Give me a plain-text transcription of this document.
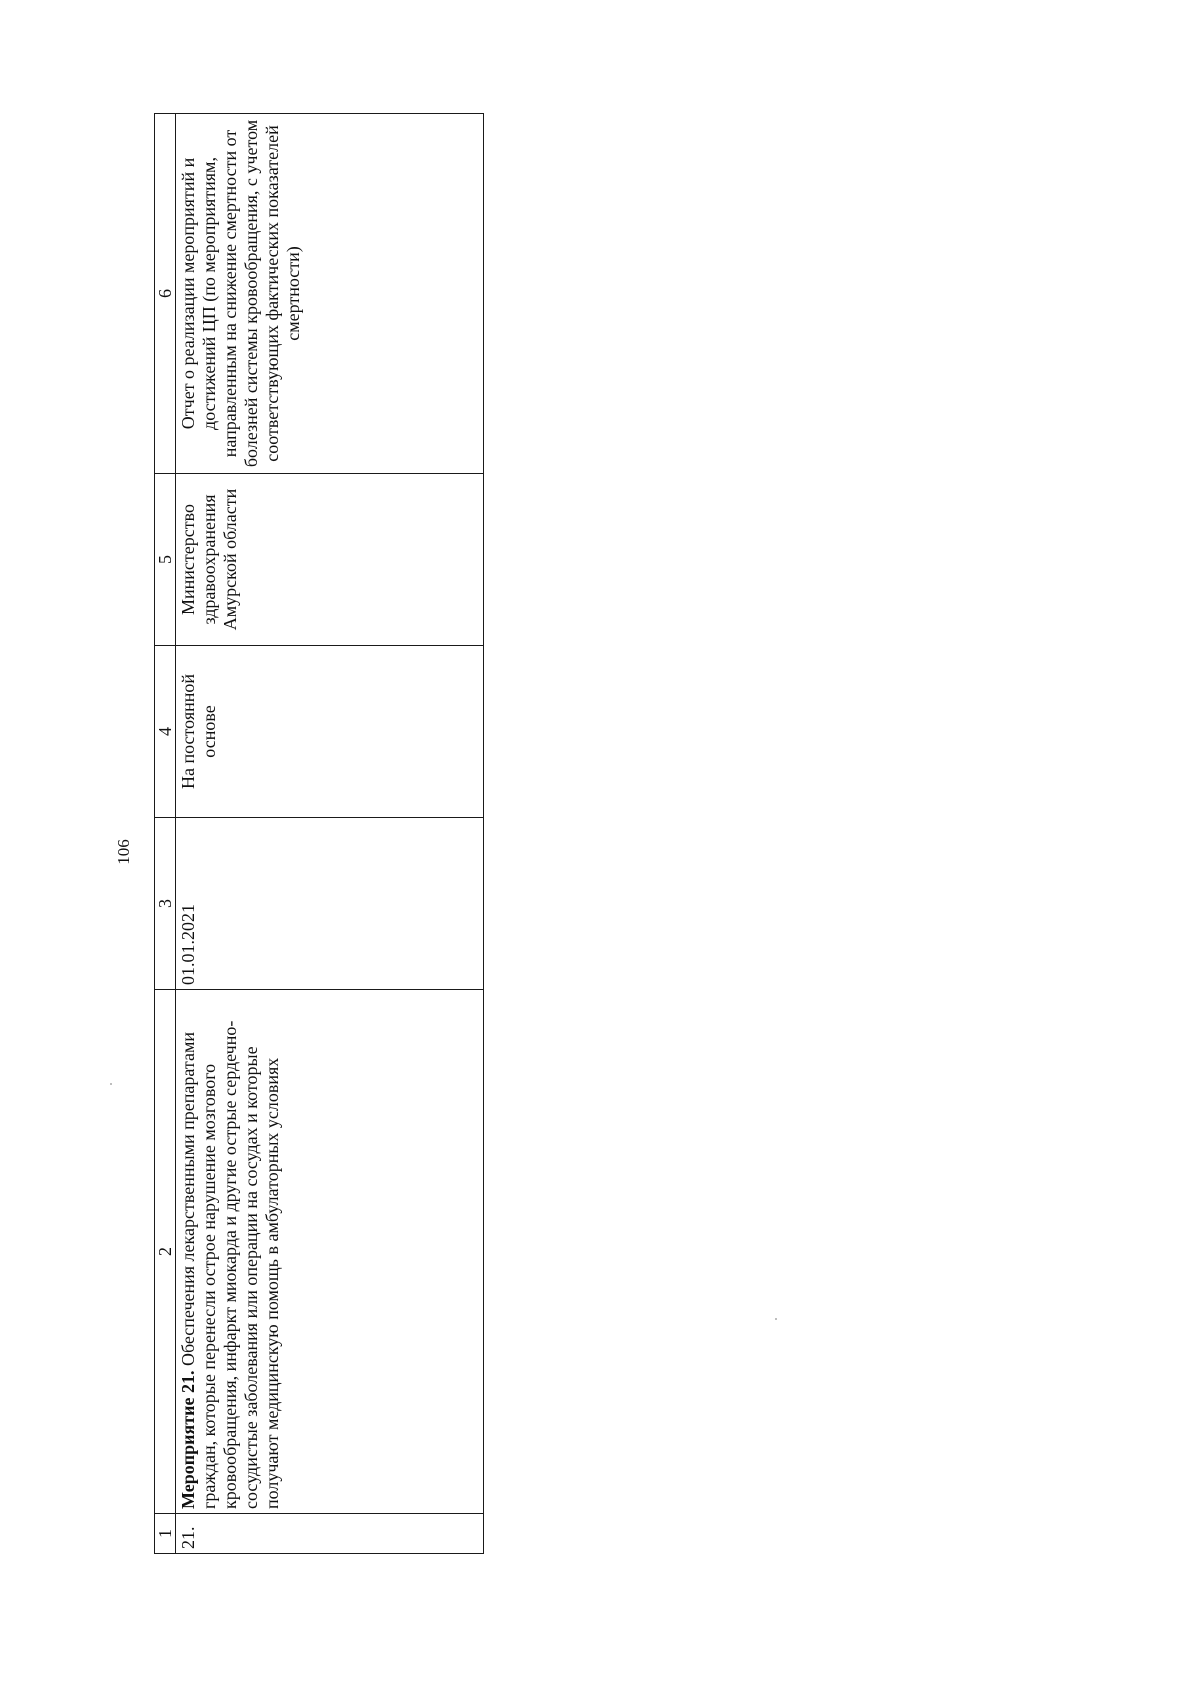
106
1	2	3	4	5	6
21.	Мероприятие 21. Обеспечения лекарственными препаратами граждан, которые перенесли острое нарушение мозгового кровообращения, инфаркт миокарда и другие острые сердечно-сосудистые заболевания или операции на сосудах и которые получают медицинскую помощь в амбулаторных условиях	01.01.2021	На постоянной основе	Министерство здравоохранения Амурской области	Отчет о реализации мероприятий и достижений ЦП (по мероприятиям, направленным на снижение смертности от болезней системы кровообращения, с учетом соответствующих фактических показателей смертности)
